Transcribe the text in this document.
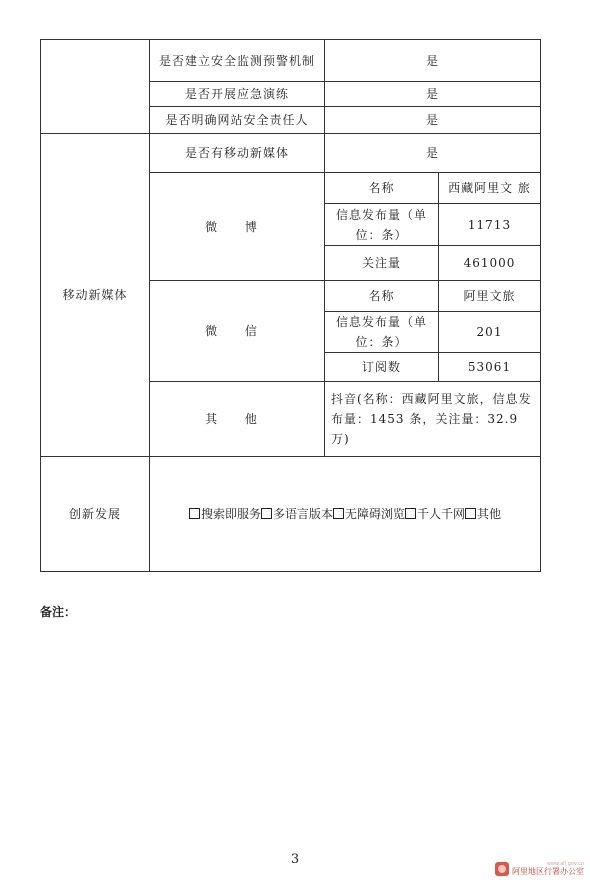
	是否建立安全监测预警机制	是	
	是否开展应急演练	是	
	是否明确网站安全责任人	是	
移动新媒体	是否有移动新媒体	是	
	微 博	名称	西藏阿里文 旅
		信息发布量（单位：条）	11713
		关注量	461000
	微 信	名称	阿里文旅
		信息发布量（单位：条）	201
		订阅数	53061
	其 他	抖音(名称：西藏阿里文旅，信息发布量：1453 条，关注量：32.9 万)	
创新发展	搜索即服务 多语言版本 无障碍浏览 千人千网 其他		
备注：
3	www.ali.gov.cn
阿里地区行署办公室
